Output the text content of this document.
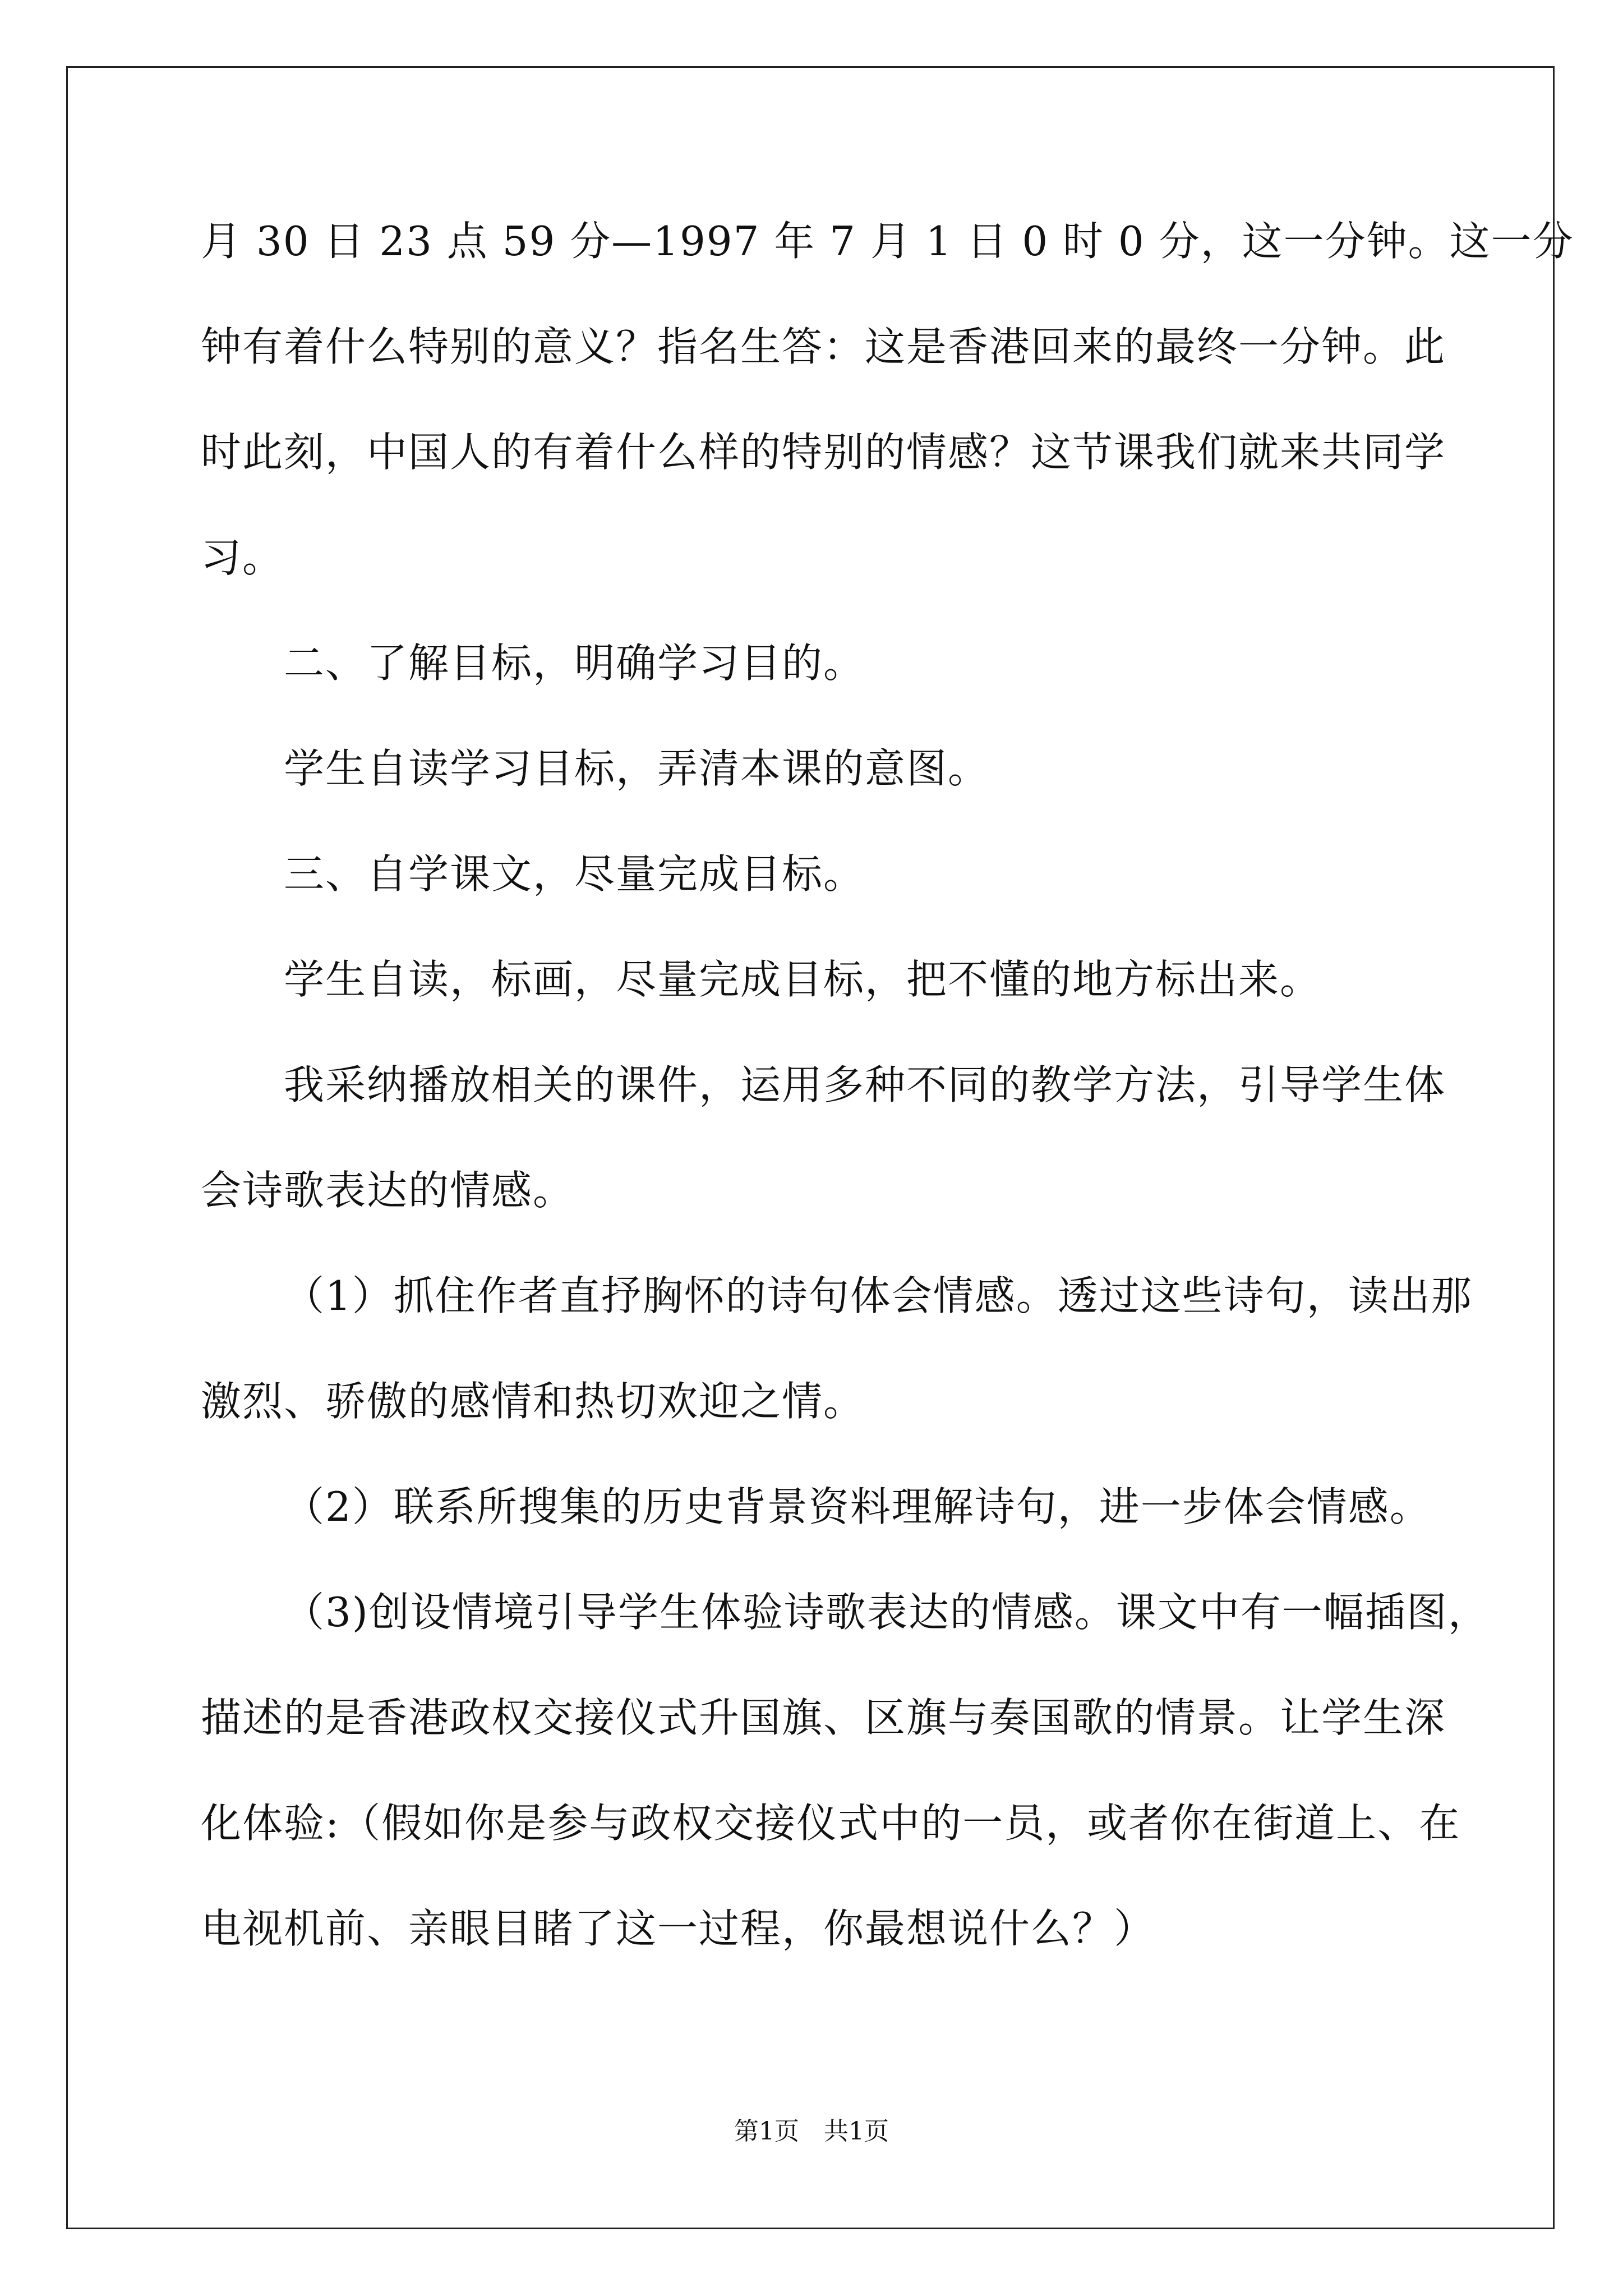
月 30 日 23 点 59 分—1997 年 7 月 1 日 0 时 0 分，这一分钟。这一分
钟有着什么特别的意义？指名生答：这是香港回来的最终一分钟。此
时此刻，中国人的有着什么样的特别的情感？这节课我们就来共同学
习。
二、了解目标，明确学习目的。
学生自读学习目标，弄清本课的意图。
三、自学课文，尽量完成目标。
学生自读，标画，尽量完成目标，把不懂的地方标出来。
我采纳播放相关的课件，运用多种不同的教学方法，引导学生体
会诗歌表达的情感。
（1）抓住作者直抒胸怀的诗句体会情感。透过这些诗句，读出那
激烈、骄傲的感情和热切欢迎之情。
（2）联系所搜集的历史背景资料理解诗句，进一步体会情感。
（3)创设情境引导学生体验诗歌表达的情感。课文中有一幅插图，
描述的是香港政权交接仪式升国旗、区旗与奏国歌的情景。让学生深
化体验:（假如你是参与政权交接仪式中的一员，或者你在街道上、在
电视机前、亲眼目睹了这一过程，你最想说什么？）
第1页　共1页
